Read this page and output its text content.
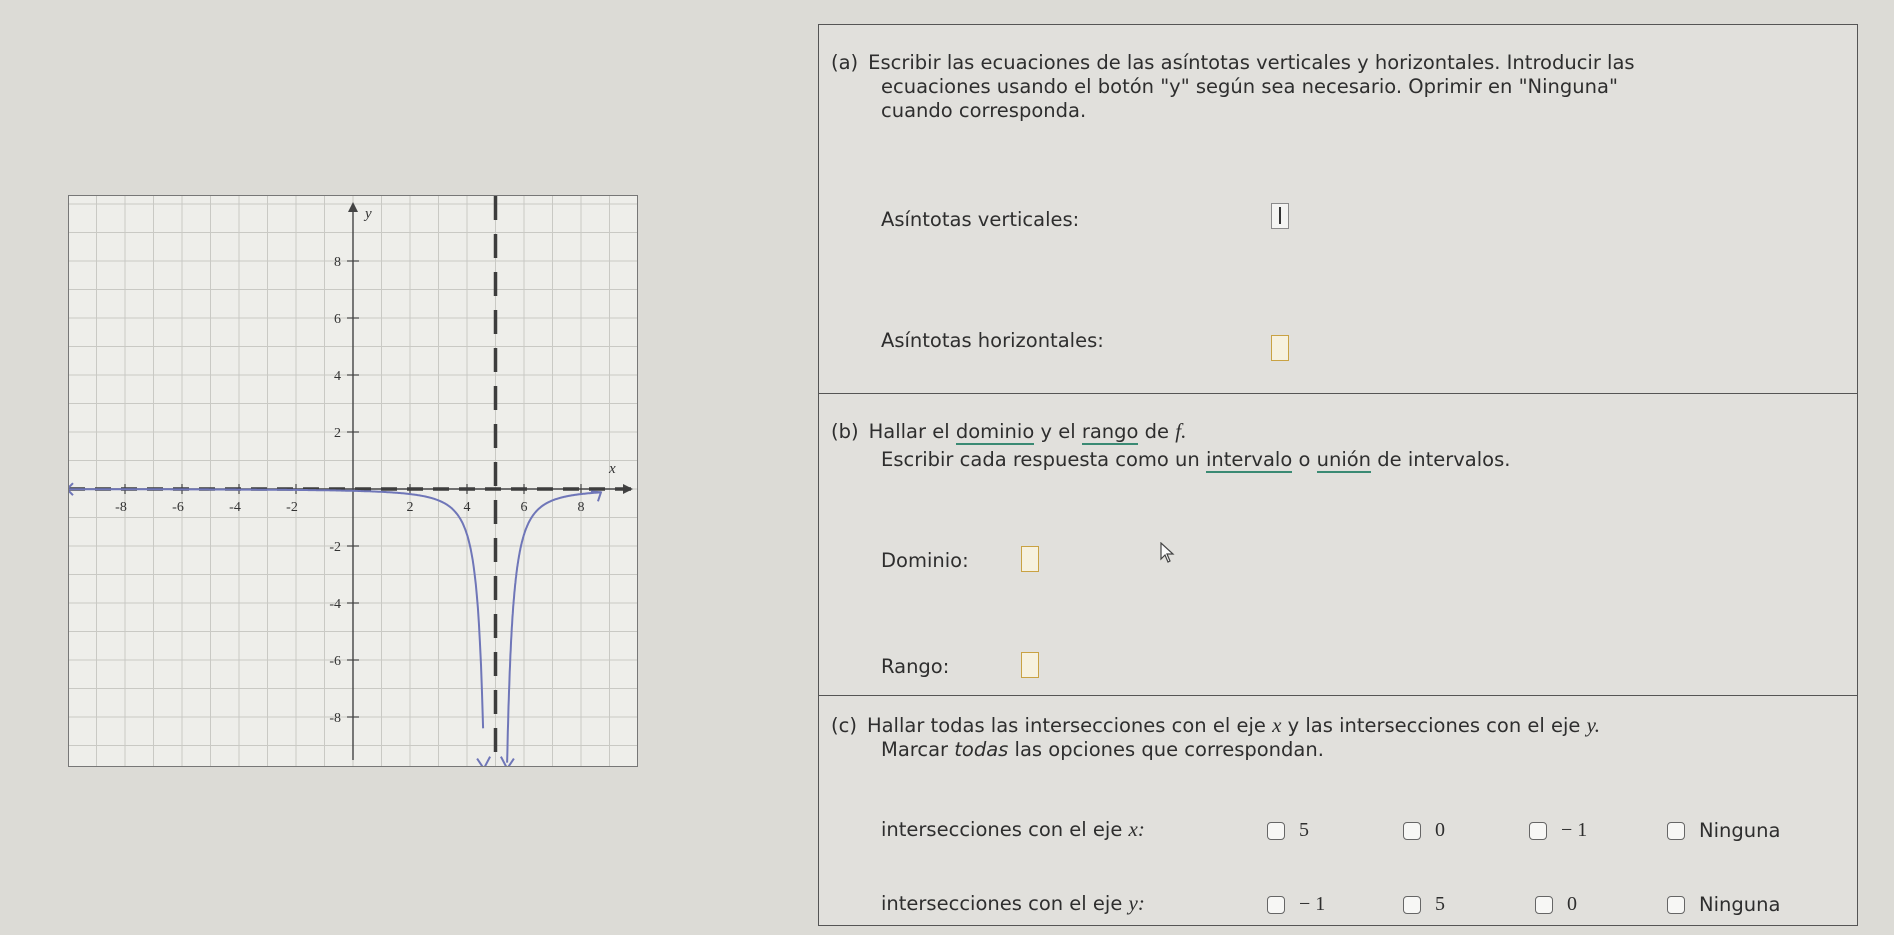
-8	-6	-4	-2	2	4	6	8
8
6
4
2
-2
-4
-6
-8
y
x
(a) Escribir las ecuaciones de las asíntotas verticales y horizontales. Introducir las
ecuaciones usando el botón "y" según sea necesario. Oprimir en "Ninguna"
cuando corresponda.
Asíntotas verticales:
Asíntotas horizontales:
(b) Hallar el dominio y el rango de f.
Escribir cada respuesta como un intervalo o unión de intervalos.
Dominio:
Rango:
(c) Hallar todas las intersecciones con el eje x y las intersecciones con el eje y.
Marcar todas las opciones que correspondan.
intersecciones con el eje x:	5	0	− 1	Ninguna
intersecciones con el eje y:	− 1	5	0	Ninguna
